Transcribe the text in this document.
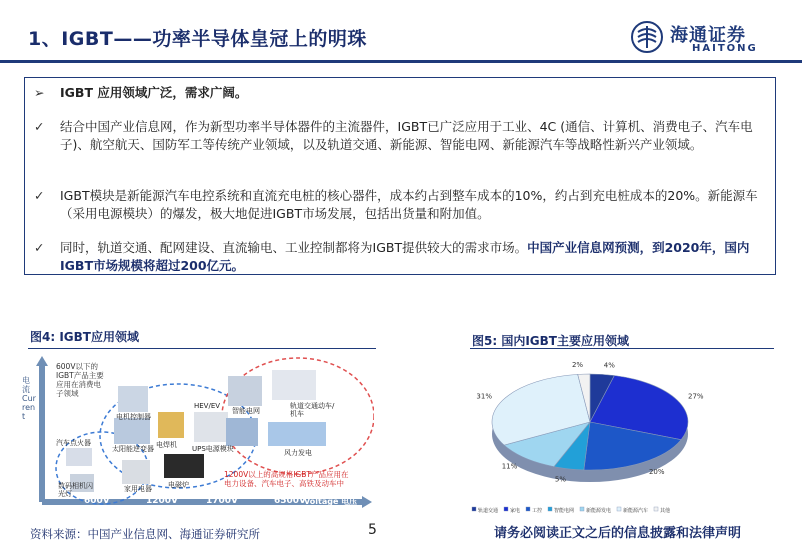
1、IGBT——功率半导体皇冠上的明珠	海通证券
HAITONG
➢ IGBT 应用领域广泛，需求广阔。
✓ 结合中国产业信息网，作为新型功率半导体器件的主流器件，IGBT已广泛应用于工业、4C (通信、计算机、消费电子、汽车电子)、航空航天、国防军工等传统产业领域，以及轨道交通、新能源、智能电网、新能源汽车等战略性新兴产业领域。
✓ IGBT模块是新能源汽车电控系统和直流充电桩的核心器件，成本约占到整车成本的10%，约占到充电桩成本的20%。新能源车（采用电源模块）的爆发，极大地促进IGBT市场发展，包括出货量和附加值。
✓ 同时，轨道交通、配网建设、直流输电、工业控制都将为IGBT提供较大的需求市场。中国产业信息网预测，到2020年，国内IGBT市场规模将超过200亿元。
图4: IGBT应用领域
电流 Current
600V以下的IGBT产品主要应用在消费电子领域
1200V以上的高规格IGBT产品应用在电力设备、汽车电子、高铁及动车中
电机控制器
太阳能逆变器 电焊机 UPS电源模块
电磁炉
家用电器
数码相机闪光灯
汽车点火器
智能电网
轨道交通动车/机车
风力发电
HEV/EV
600V	1200V	1700V	6500V
Voltage 电压
图5: 国内IGBT主要应用领域
4%
27%
20%
5%
11%
31%
2%
轨道交通 家电 工控 智能电网 新能源发电 新能源汽车 其他
资料来源：中国产业信息网、海通证券研究所	5	请务必阅读正文之后的信息披露和法律声明
